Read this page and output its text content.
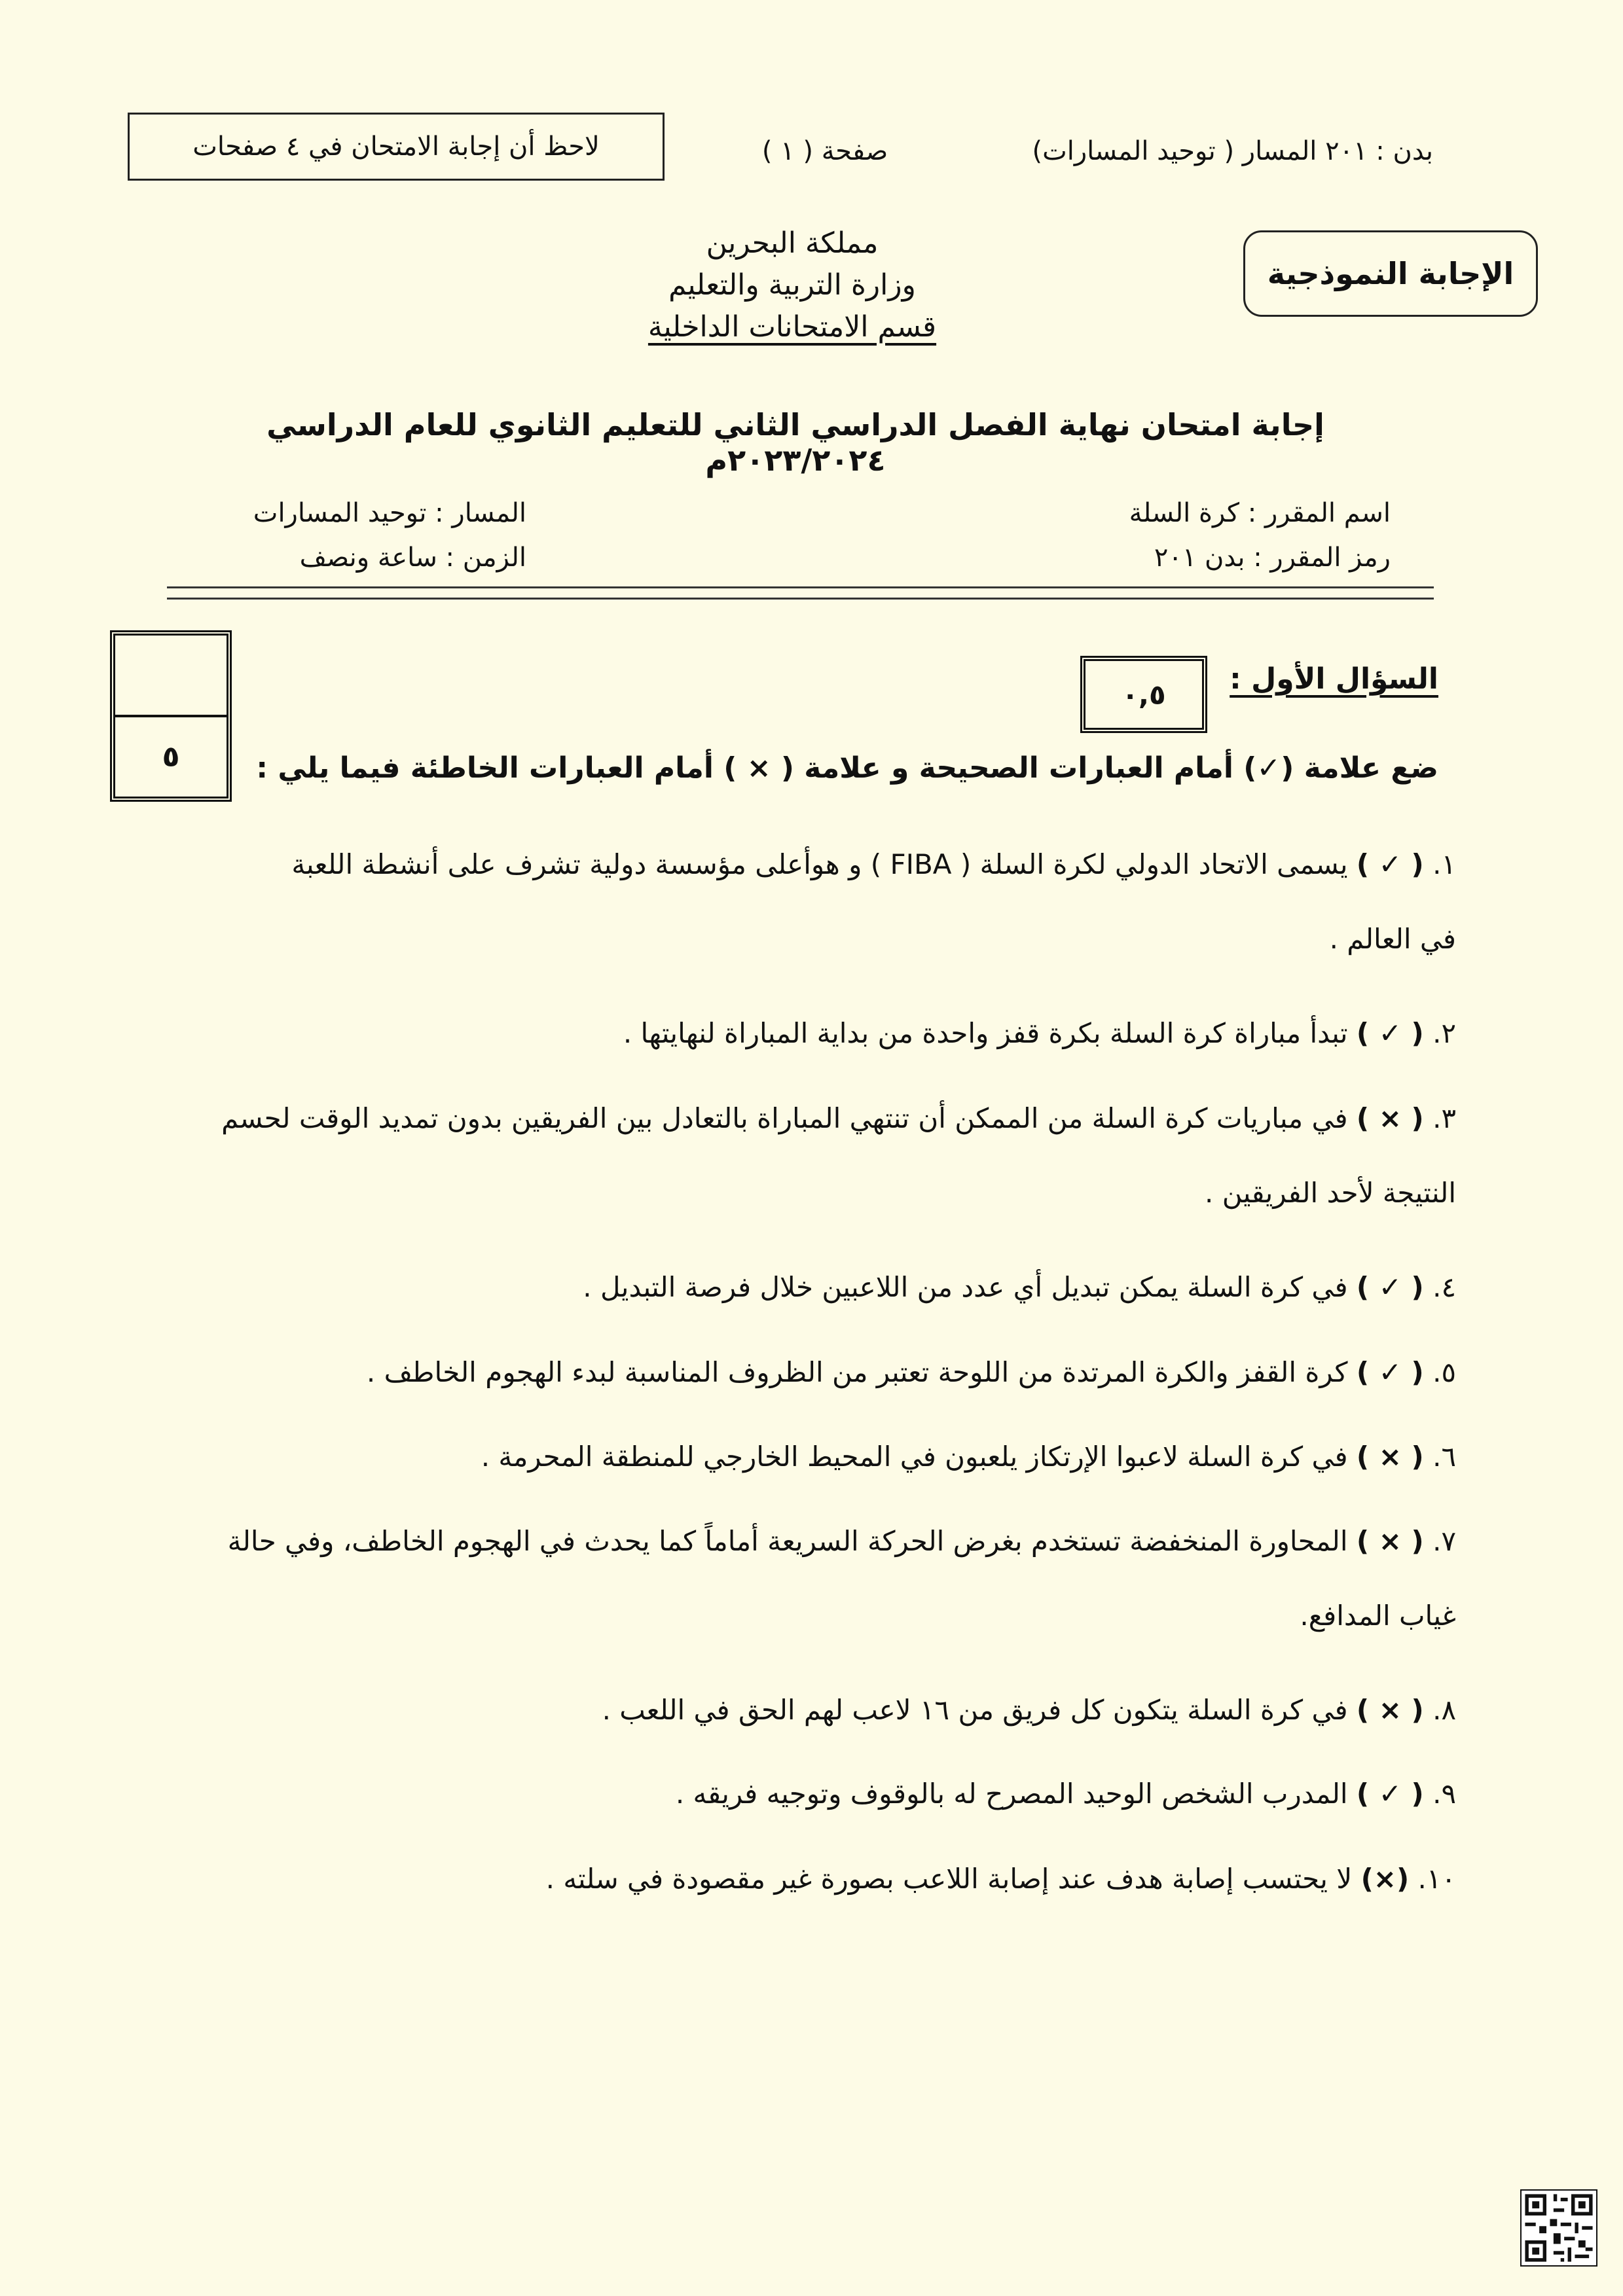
لاحظ أن إجابة الامتحان في ٤ صفحات	صفحة ( ١ )	بدن : ٢٠١ المسار ( توحيد المسارات)
مملكة البحرين
وزارة التربية والتعليم
قسم الامتحانات الداخلية
الإجابة النموذجية
إجابة امتحان نهاية الفصل الدراسي الثاني للتعليم الثانوي للعام الدراسي ٢٠٢٣/٢٠٢٤م
اسم المقرر : كرة السلة
رمز المقرر : بدن ٢٠١
المسار : توحيد المسارات
الزمن : ساعة ونصف
٥
٠,٥ السؤال الأول :
ضع علامة (✓) أمام العبارات الصحيحة و علامة ( × ) أمام العبارات الخاطئة فيما يلي :
١. ( ✓ ) يسمى الاتحاد الدولي لكرة السلة ( FIBA ) و هوأعلى مؤسسة دولية تشرف على أنشطة اللعبة
في العالم .
٢. ( ✓ ) تبدأ مباراة كرة السلة بكرة قفز واحدة من بداية المباراة لنهايتها .
٣. ( × ) في مباريات كرة السلة من الممكن أن تنتهي المباراة بالتعادل بين الفريقين بدون تمديد الوقت لحسم
النتيجة لأحد الفريقين .
٤. ( ✓ ) في كرة السلة يمكن تبديل أي عدد من اللاعبين خلال فرصة التبديل .
٥. ( ✓ ) كرة القفز والكرة المرتدة من اللوحة تعتبر من الظروف المناسبة لبدء الهجوم الخاطف .
٦. ( × ) في كرة السلة لاعبوا الإرتكاز يلعبون في المحيط الخارجي للمنطقة المحرمة .
٧. ( × ) المحاورة المنخفضة تستخدم بغرض الحركة السريعة أماماً كما يحدث في الهجوم الخاطف، وفي حالة
غياب المدافع.
٨. ( × ) في كرة السلة يتكون كل فريق من ١٦ لاعب لهم الحق في اللعب .
٩. ( ✓ ) المدرب الشخص الوحيد المصرح له بالوقوف وتوجيه فريقه .
١٠. (×) لا يحتسب إصابة هدف عند إصابة اللاعب بصورة غير مقصودة في سلته .
